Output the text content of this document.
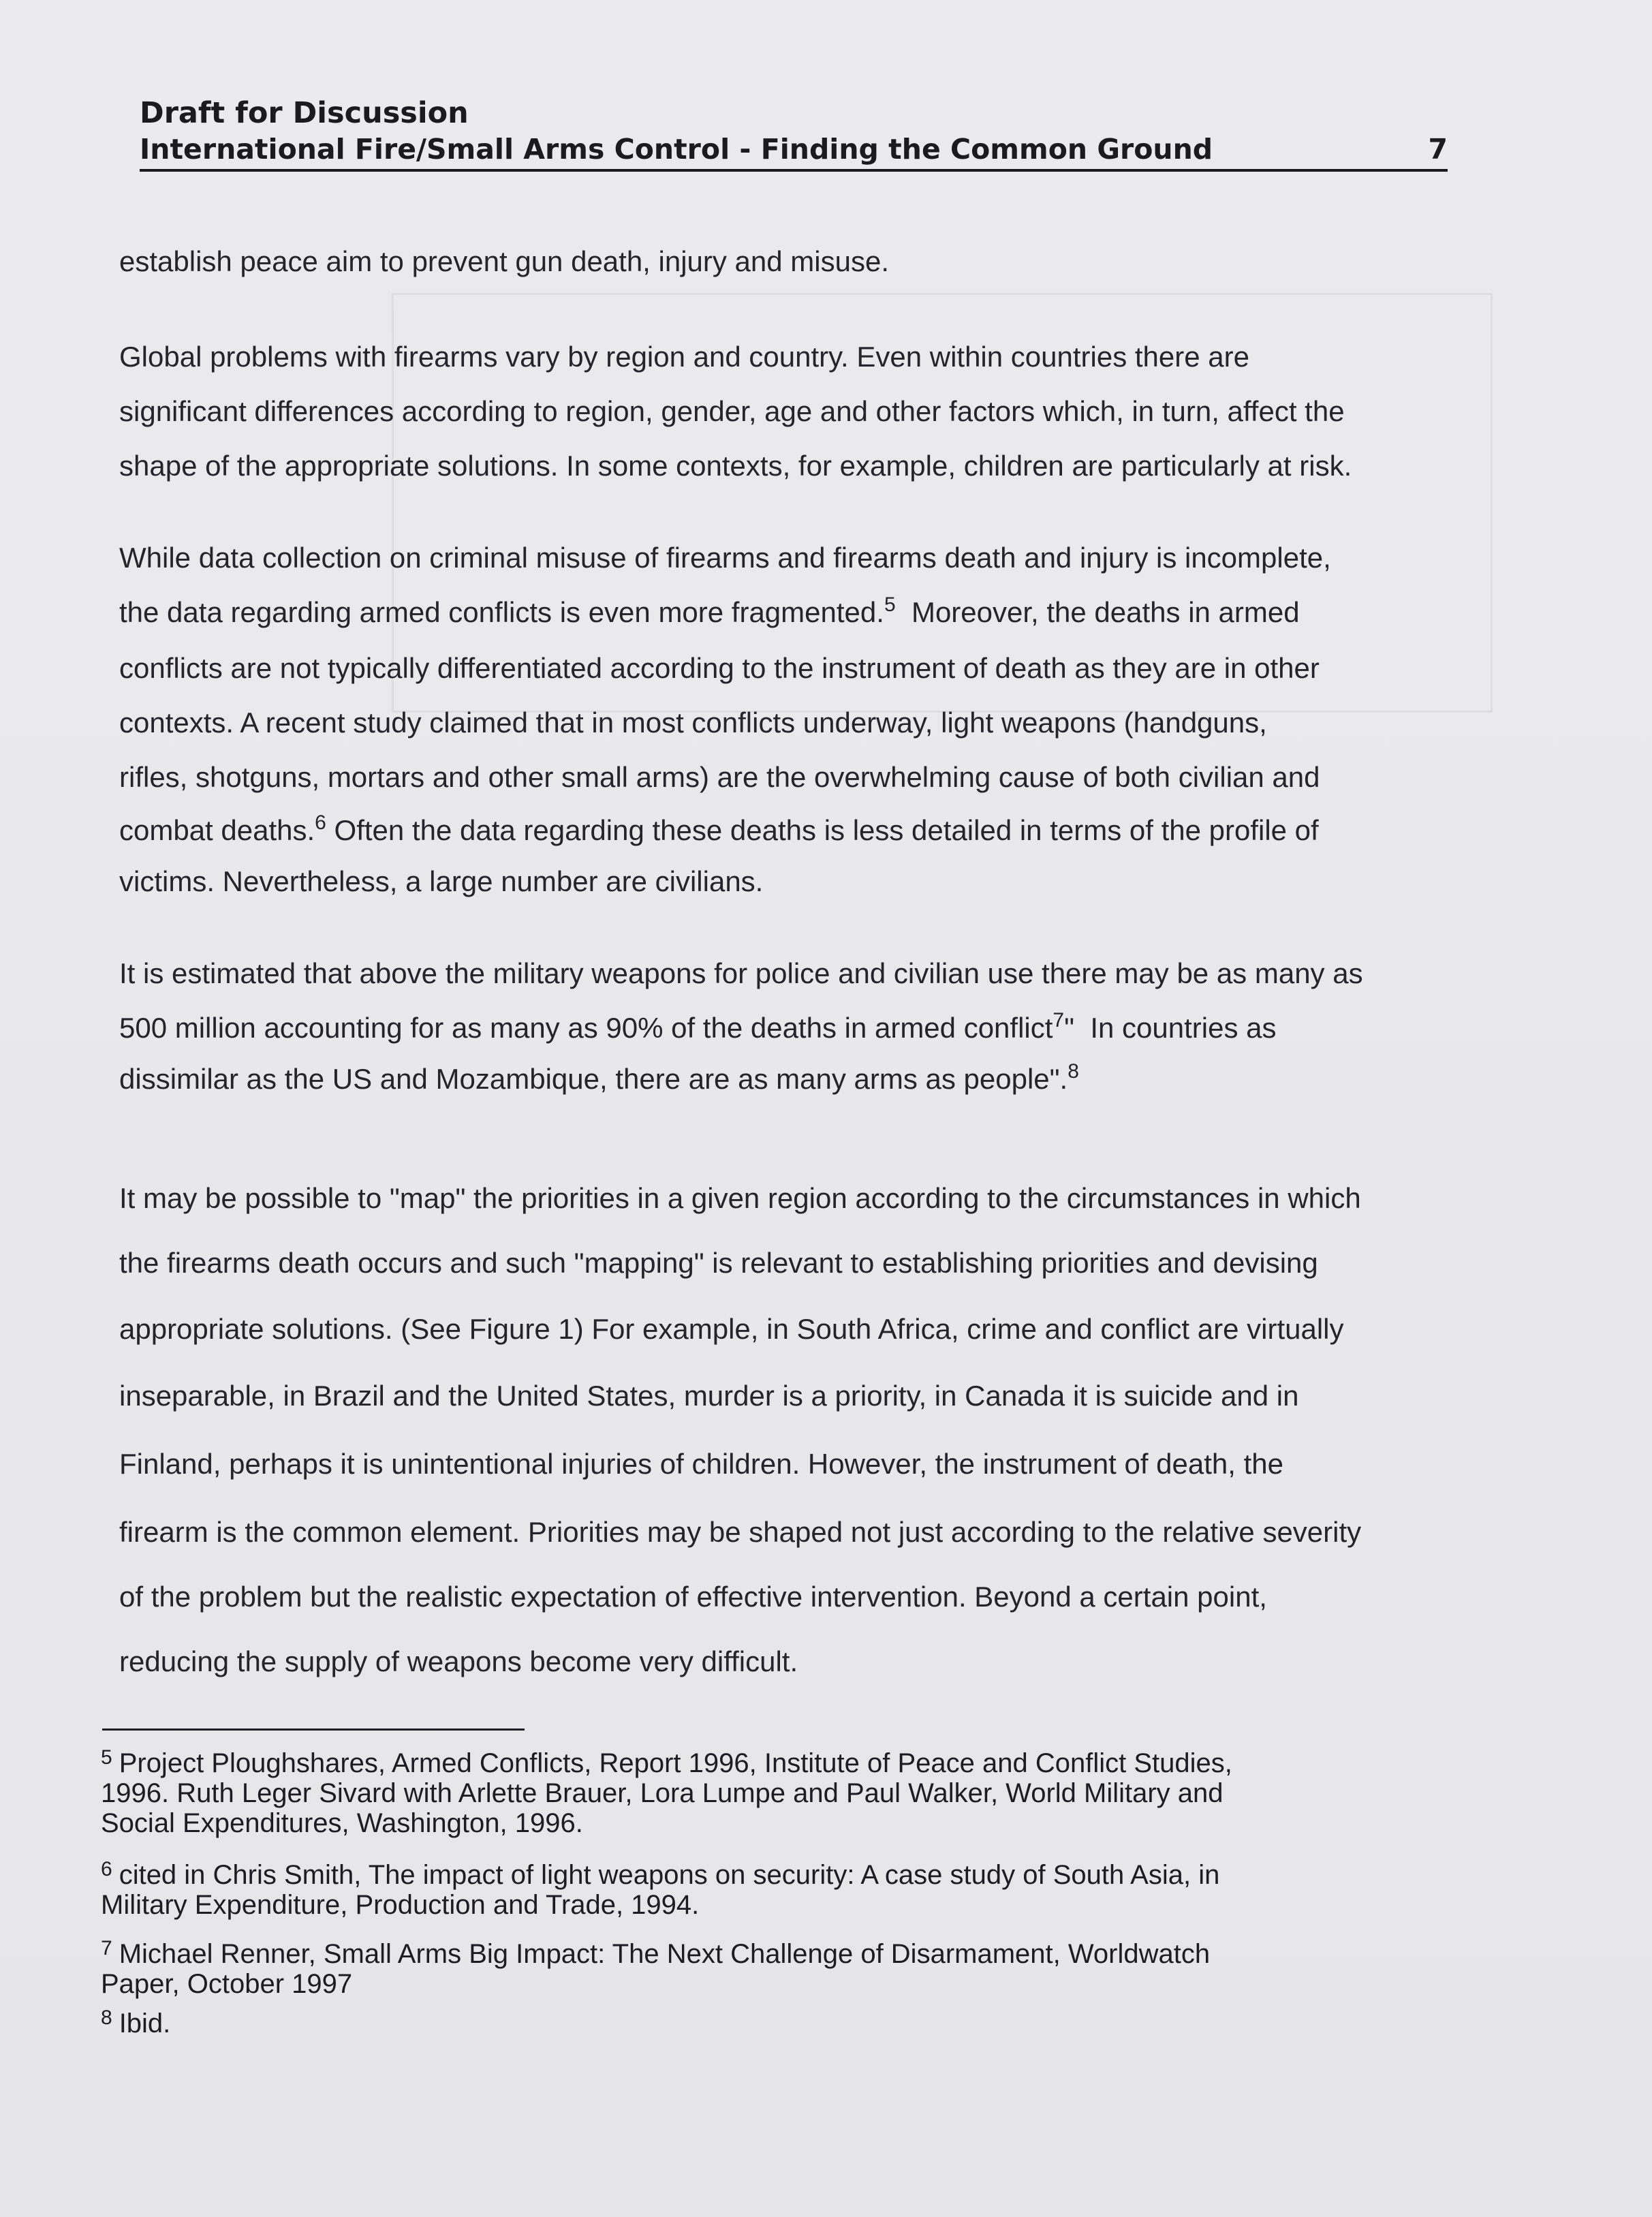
Draft for Discussion
International Fire/Small Arms Control - Finding the Common Ground	7
establish peace aim to prevent gun death, injury and misuse.
Global problems with firearms vary by region and country. Even within countries there are
significant differences according to region, gender, age and other factors which, in turn, affect the
shape of the appropriate solutions. In some contexts, for example, children are particularly at risk.
While data collection on criminal misuse of firearms and firearms death and injury is incomplete,
the data regarding armed conflicts is even more fragmented.$^5$  Moreover, the deaths in armed
conflicts are not typically differentiated according to the instrument of death as they are in other
contexts. A recent study claimed that in most conflicts underway, light weapons (handguns,
rifles, shotguns, mortars and other small arms) are the overwhelming cause of both civilian and
combat deaths.$^6$ Often the data regarding these deaths is less detailed in terms of the profile of
victims. Nevertheless, a large number are civilians.
It is estimated that above the military weapons for police and civilian use there may be as many as
500 million accounting for as many as 90% of the deaths in armed conflict$^7$"  In countries as
dissimilar as the US and Mozambique, there are as many arms as people".$^8$
It may be possible to "map" the priorities in a given region according to the circumstances in which
the firearms death occurs and such "mapping" is relevant to establishing priorities and devising
appropriate solutions. (See Figure 1) For example, in South Africa, crime and conflict are virtually
inseparable, in Brazil and the United States, murder is a priority, in Canada it is suicide and in
Finland, perhaps it is unintentional injuries of children. However, the instrument of death, the
firearm is the common element. Priorities may be shaped not just according to the relative severity
of the problem but the realistic expectation of effective intervention. Beyond a certain point,
reducing the supply of weapons become very difficult.
$^5$ Project Ploughshares, Armed Conflicts, Report 1996, Institute of Peace and Conflict Studies,
1996. Ruth Leger Sivard with Arlette Brauer, Lora Lumpe and Paul Walker, World Military and
Social Expenditures, Washington, 1996.
$^6$ cited in Chris Smith, The impact of light weapons on security: A case study of South Asia, in
Military Expenditure, Production and Trade, 1994.
$^7$ Michael Renner, Small Arms Big Impact: The Next Challenge of Disarmament, Worldwatch
Paper, October 1997
$^8$ Ibid.
